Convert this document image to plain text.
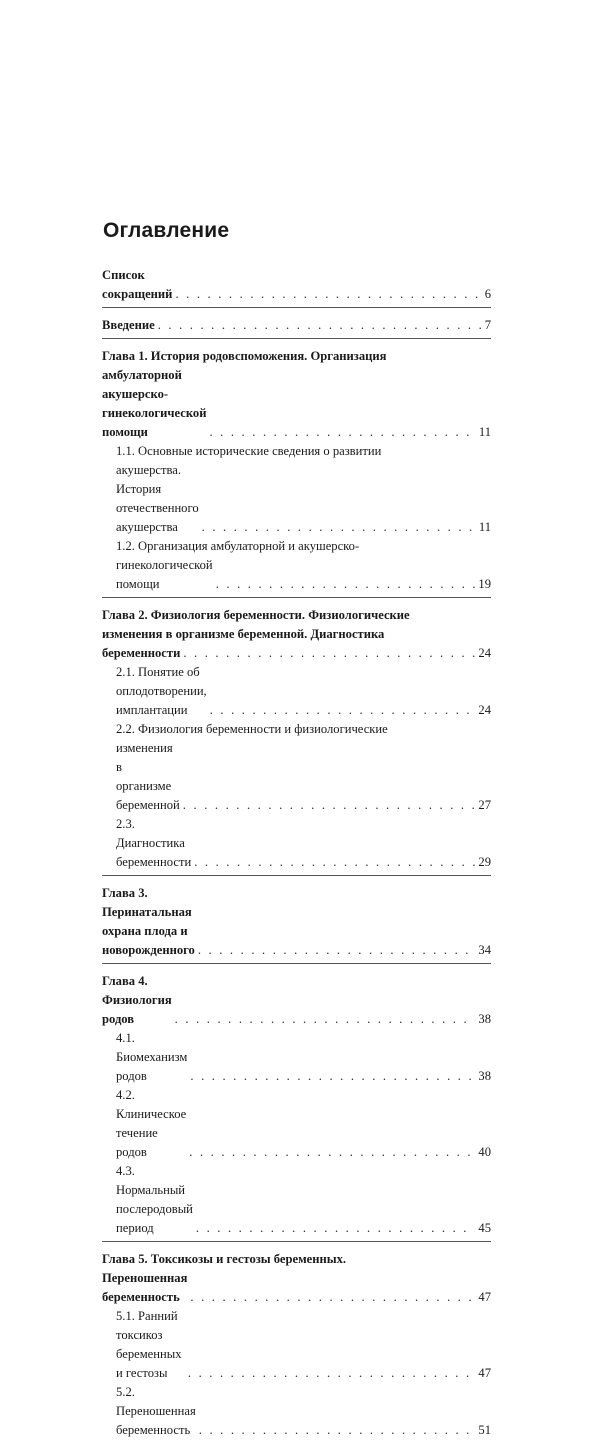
Оглавление
Список сокращений . . .	6
Введение . . .	7
Глава 1. История родовспоможения. Организация
амбулаторной акушерско-гинекологической помощи . . .	11
1.1. Основные исторические сведения о развитии
акушерства. История отечественного акушерства . . .	11
1.2. Организация амбулаторной и акушерско-
гинекологической помощи . . .	19
Глава 2. Физиология беременности. Физиологические
изменения в организме беременной. Диагностика
беременности . . .	24
2.1. Понятие об оплодотворении, имплантации . . .	24
2.2. Физиология беременности и физиологические
изменения в организме беременной . . .	27
2.3. Диагностика беременности . . .	29
Глава 3. Перинатальная охрана плода и новорожденного . . .	34
Глава 4. Физиология родов . . .	38
4.1. Биомеханизм родов . . .	38
4.2. Клиническое течение родов . . .	40
4.3. Нормальный послеродовый период . . .	45
Глава 5. Токсикозы и гестозы беременных.
Переношенная беременность . . .	47
5.1. Ранний токсикоз беременных и гестозы . . .	47
5.2. Переношенная беременность . . .	51
